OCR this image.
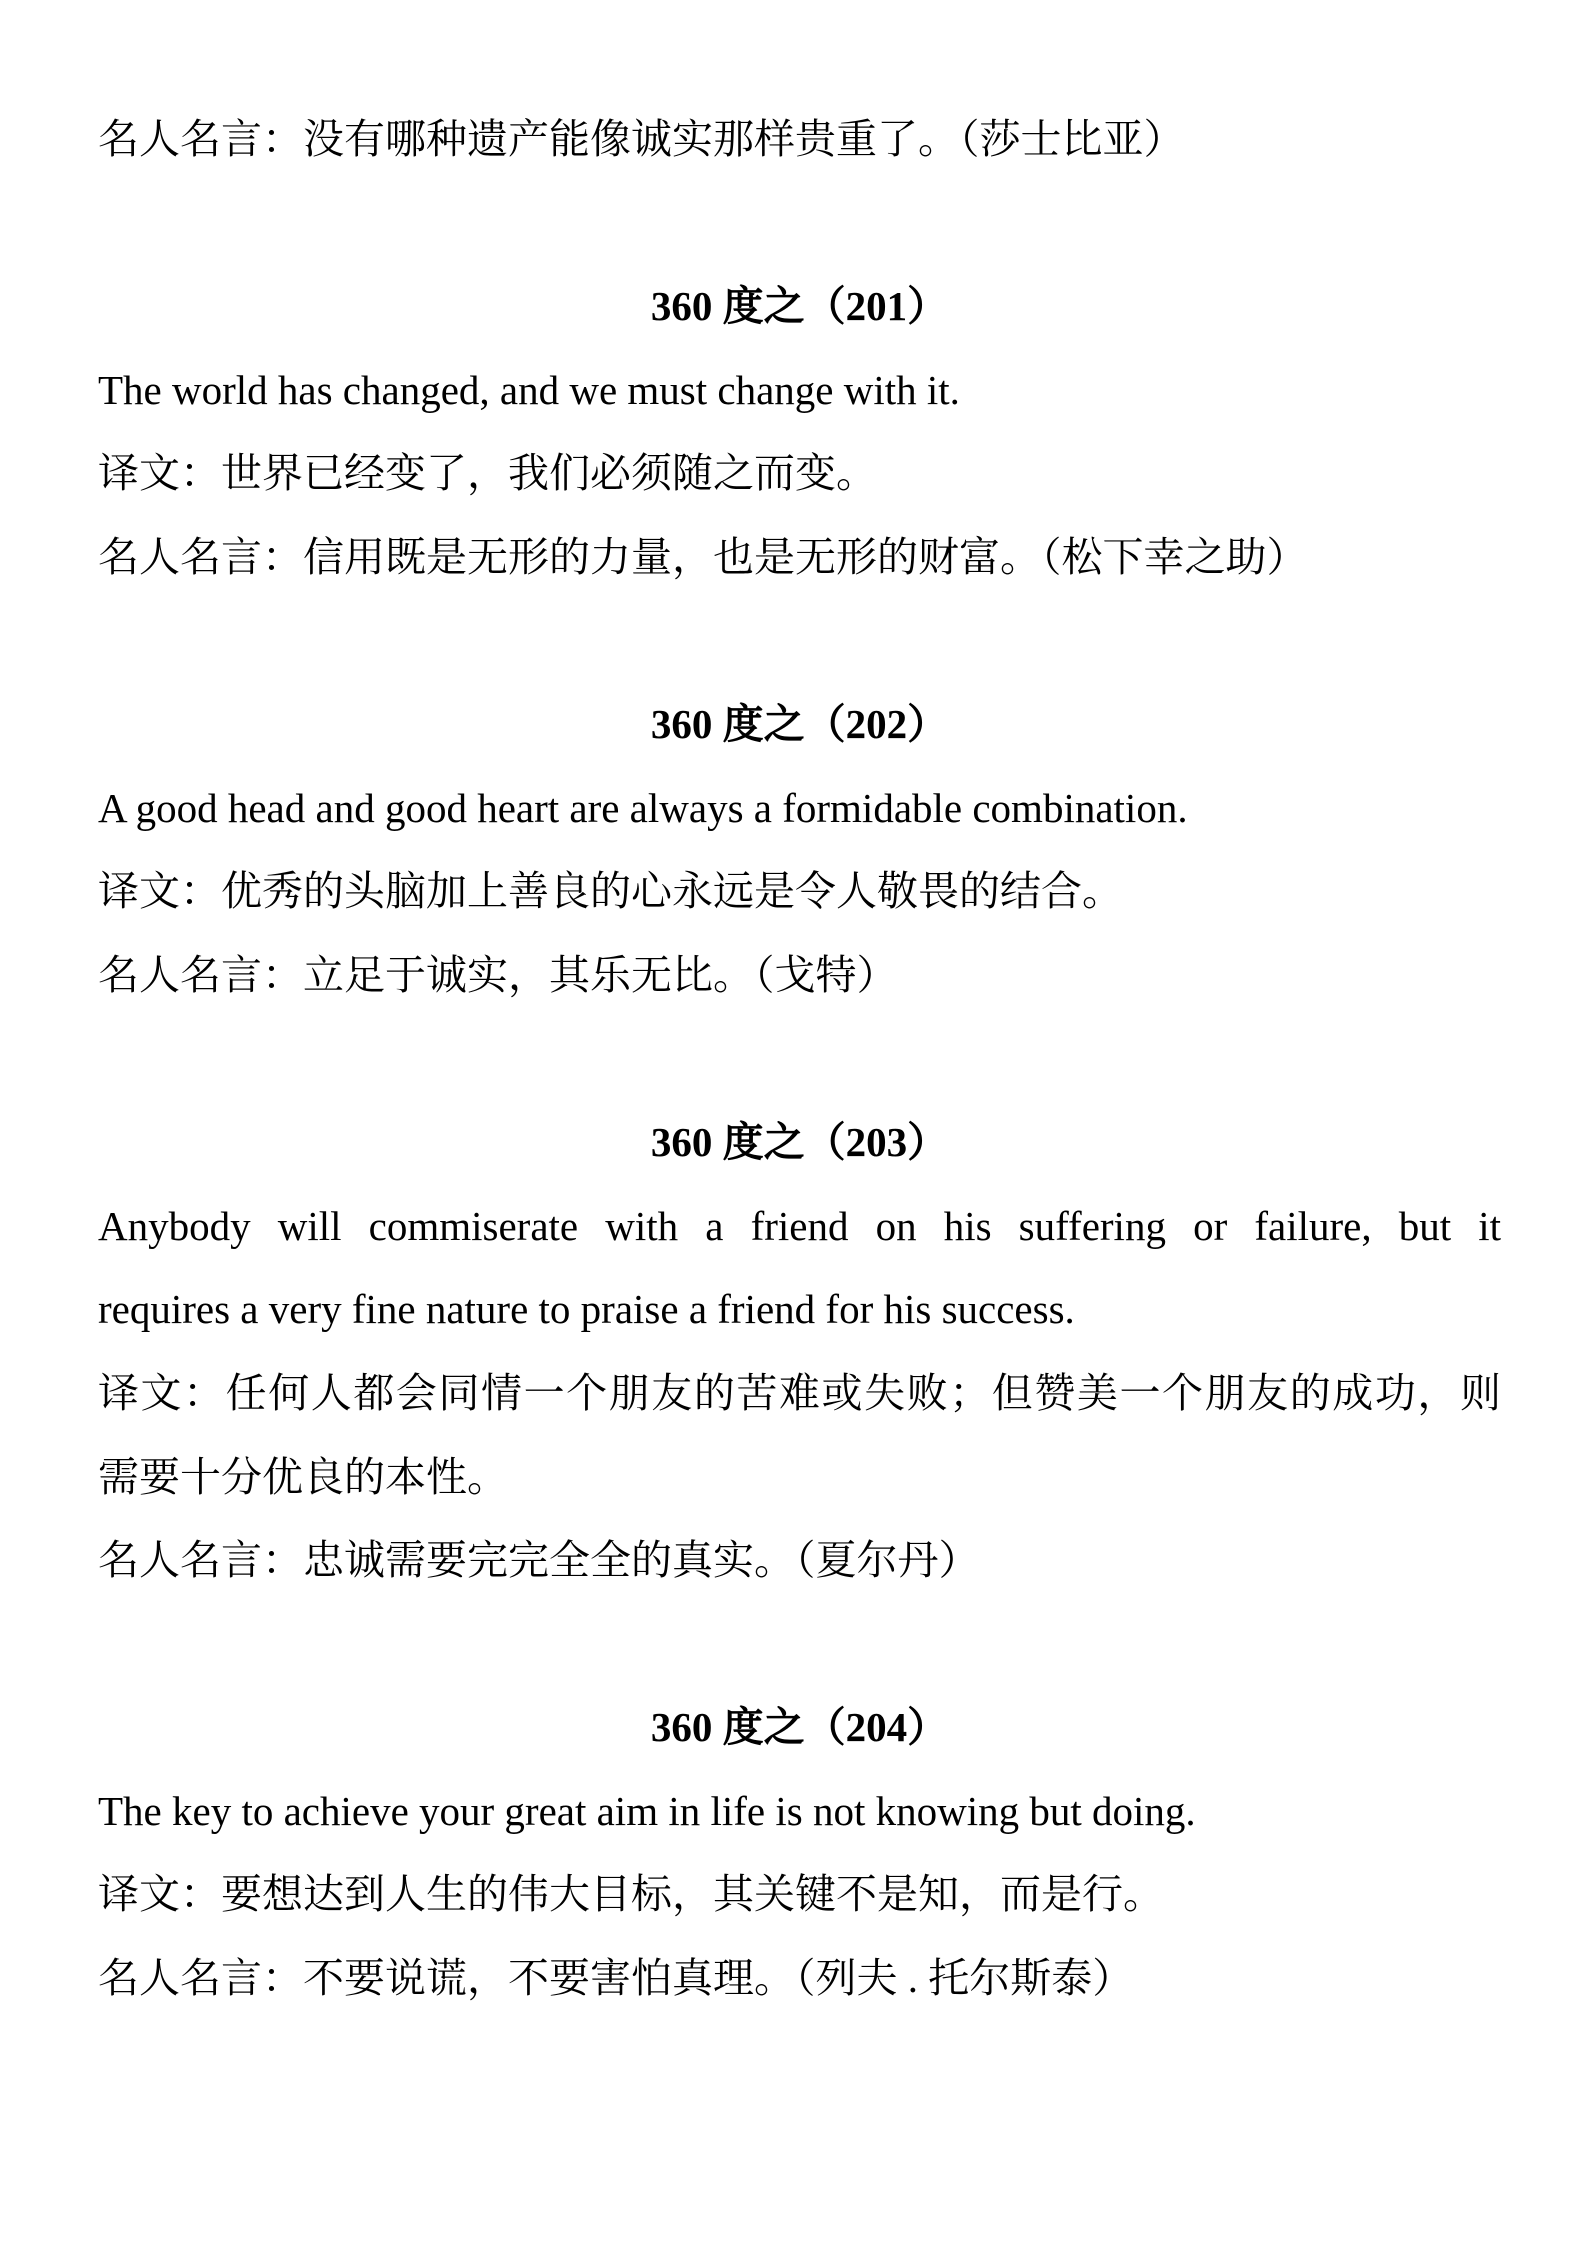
名人名言：没有哪种遗产能像诚实那样贵重了。（莎士比亚）
360 度之（201）
The world has changed, and we must change with it.
译文：世界已经变了，我们必须随之而变。
名人名言：信用既是无形的力量，也是无形的财富。（松下幸之助）
360 度之（202）
A good head and good heart are always a formidable combination.
译文：优秀的头脑加上善良的心永远是令人敬畏的结合。
名人名言：立足于诚实，其乐无比。（戈特）
360 度之（203）
Anybody will commiserate with a friend on his suffering or failure, but it
requires a very fine nature to praise a friend for his success.
译文：任何人都会同情一个朋友的苦难或失败；但赞美一个朋友的成功，则
需要十分优良的本性。
名人名言：忠诚需要完完全全的真实。（夏尔丹）
360 度之（204）
The key to achieve your great aim in life is not knowing but doing.
译文：要想达到人生的伟大目标，其关键不是知，而是行。
名人名言：不要说谎，不要害怕真理。（列夫 . 托尔斯泰）
